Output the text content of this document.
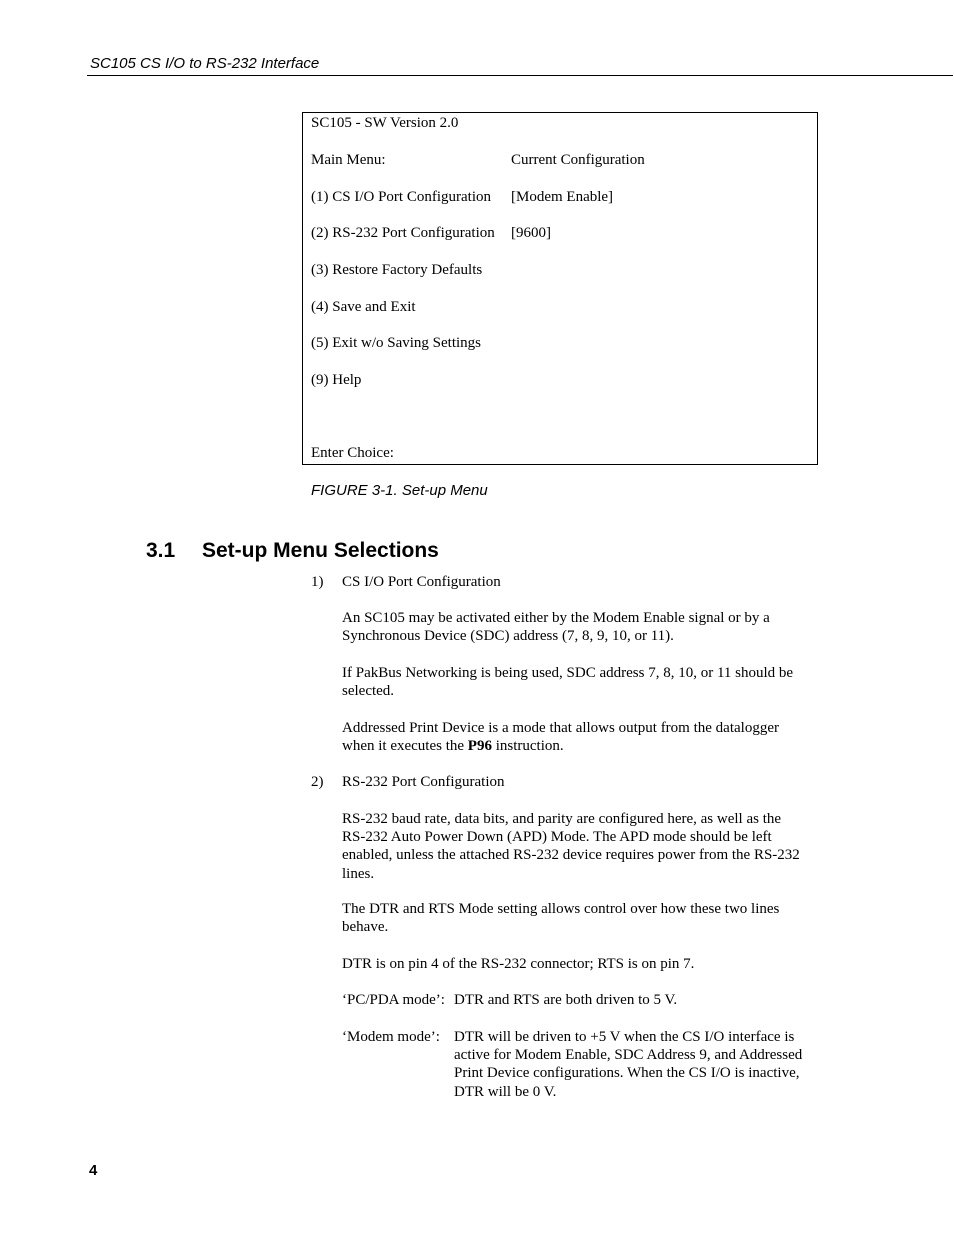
SC105 CS I/O to RS-232 Interface
SC105 - SW Version 2.0
Main Menu:	Current Configuration
(1) CS I/O Port Configuration [Modem Enable]
(2) RS-232 Port Configuration [9600]
(3) Restore Factory Defaults
(4) Save and Exit
(5) Exit w/o Saving Settings
(9) Help
Enter Choice:
FIGURE 3-1. Set-up Menu
3.1 Set-up Menu Selections
1) CS I/O Port Configuration
An SC105 may be activated either by the Modem Enable signal or by a Synchronous Device (SDC) address (7, 8, 9, 10, or 11).
If PakBus Networking is being used, SDC address 7, 8, 10, or 11 should be selected.
Addressed Print Device is a mode that allows output from the datalogger when it executes the P96 instruction.
2) RS-232 Port Configuration
RS-232 baud rate, data bits, and parity are configured here, as well as the RS-232 Auto Power Down (APD) Mode. The APD mode should be left enabled, unless the attached RS-232 device requires power from the RS-232 lines.
The DTR and RTS Mode setting allows control over how these two lines behave.
DTR is on pin 4 of the RS-232 connector; RTS is on pin 7.
‘PC/PDA mode’: DTR and RTS are both driven to 5 V.
‘Modem mode’: DTR will be driven to +5 V when the CS I/O interface is active for Modem Enable, SDC Address 9, and Addressed Print Device configurations. When the CS I/O is inactive, DTR will be 0 V.
4
